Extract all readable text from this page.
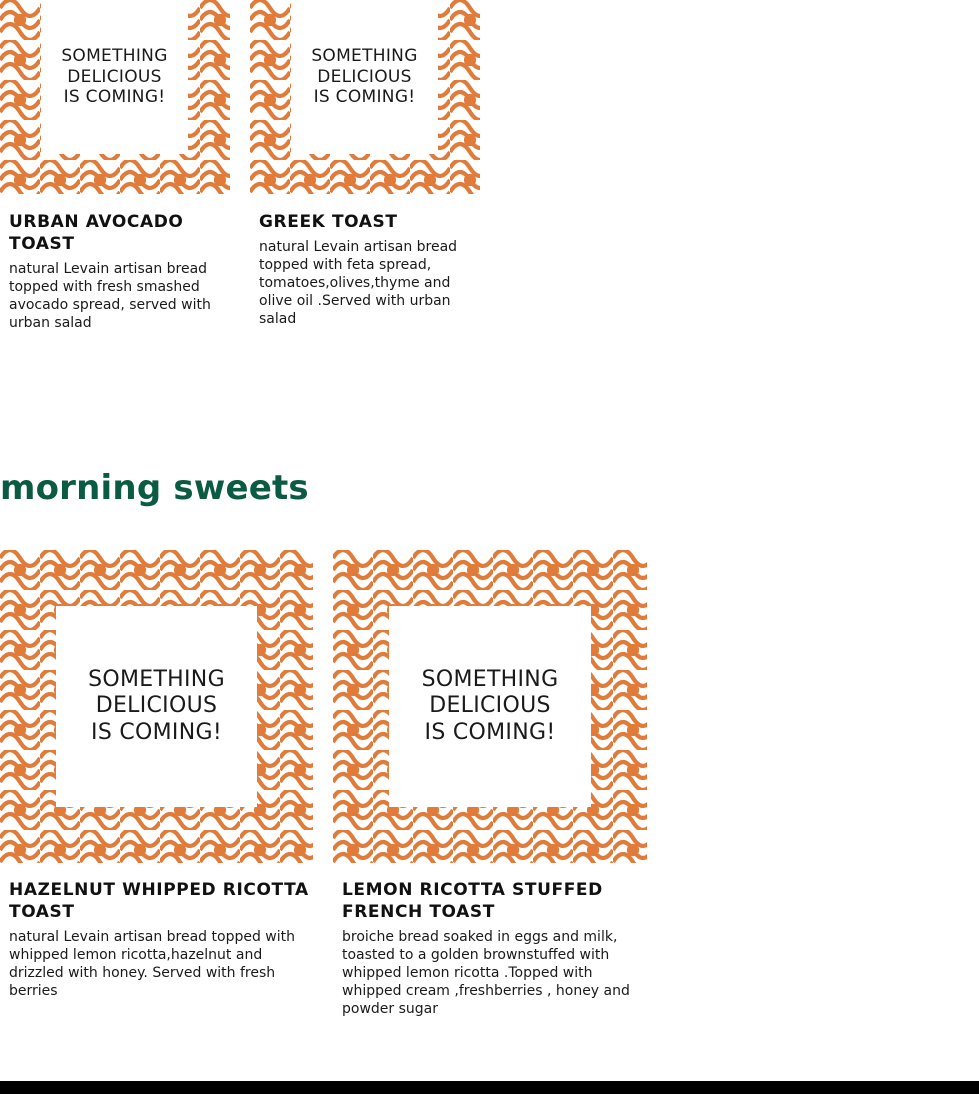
SOMETHING
DELICIOUS
IS COMING!
URBAN AVOCADO TOAST

natural Levain artisan bread topped with fresh smashed avocado spread, served with urban salad

SOMETHING
DELICIOUS
IS COMING!
GREEK TOAST

natural Levain artisan bread topped with feta spread, tomatoes,olives,thyme and olive oil .Served with urban salad

morning sweets
SOMETHING
DELICIOUS
IS COMING!
HAZELNUT WHIPPED RICOTTA TOAST

natural Levain artisan bread topped with whipped lemon ricotta,hazelnut and drizzled with honey. Served with fresh berries

SOMETHING
DELICIOUS
IS COMING!
LEMON RICOTTA STUFFED FRENCH TOAST

broiche bread soaked in eggs and milk, toasted to a golden brownstuffed with whipped lemon ricotta .Topped with whipped cream ,freshberries , honey and powder sugar
